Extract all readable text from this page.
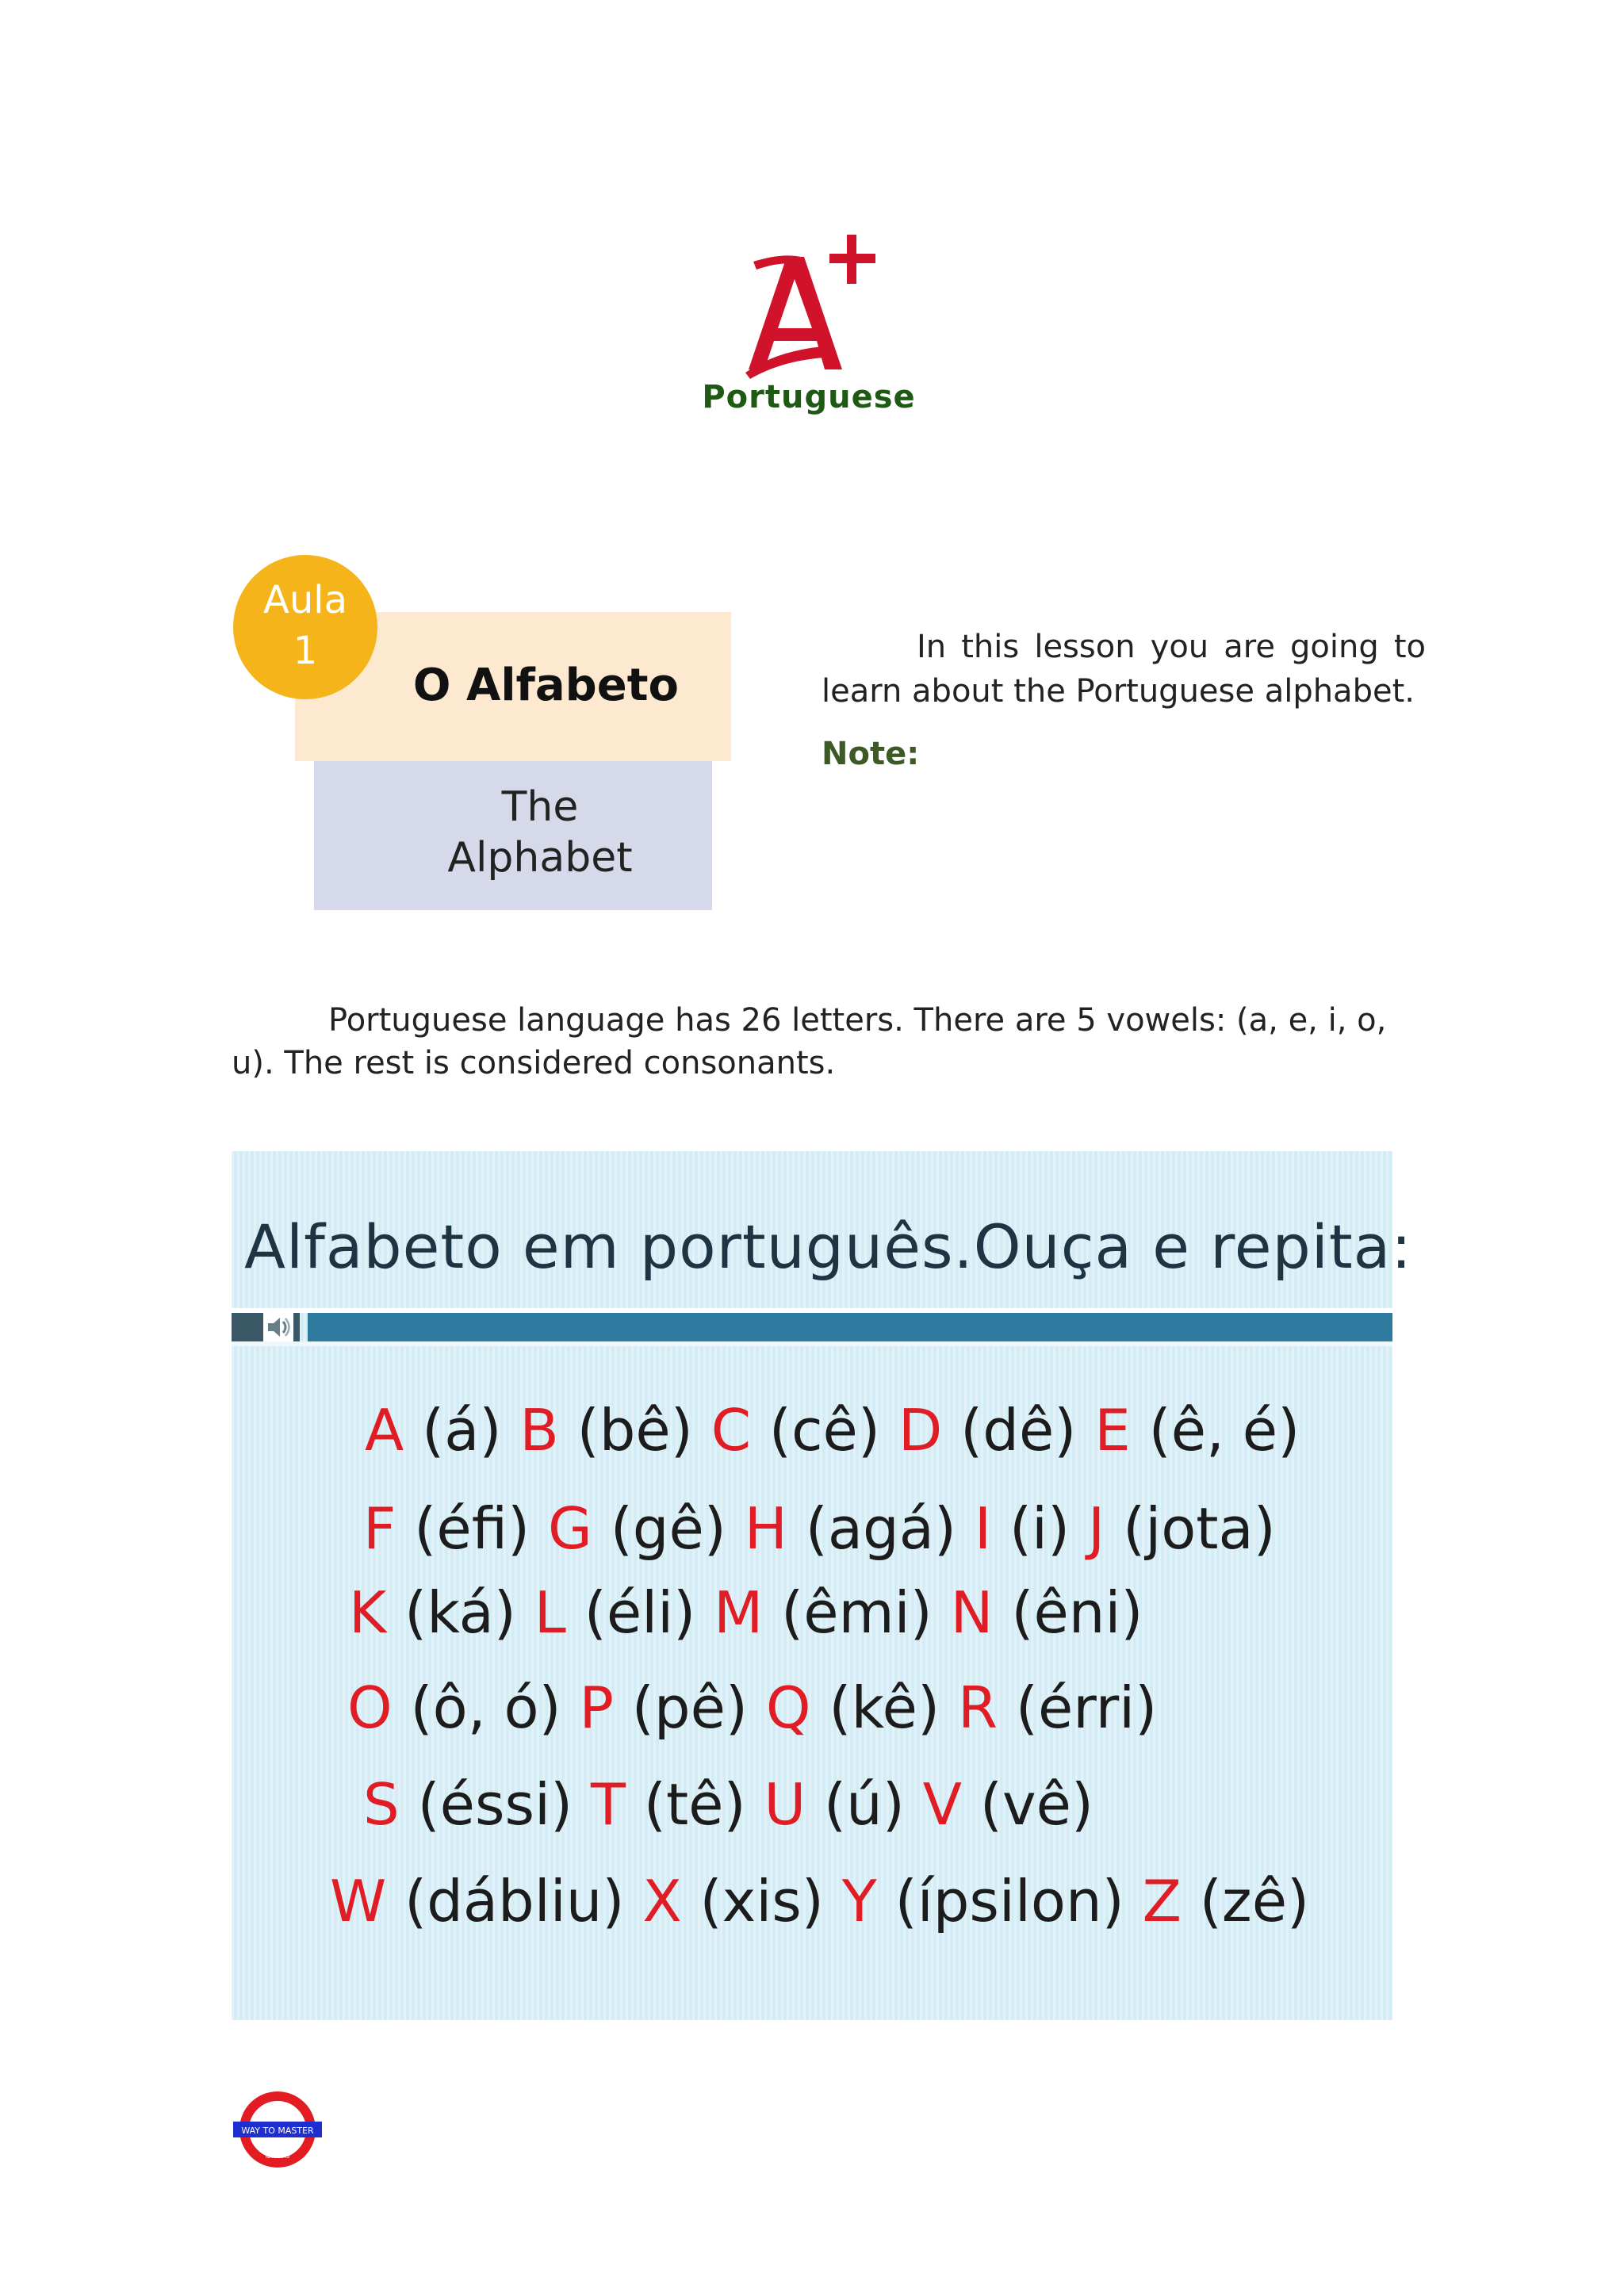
Portuguese
O Alfabeto
The
Alphabet
Aula
1	In this lesson you are going to learn about the Portuguese alphabet.

Note:

Portuguese language has 26 letters. There are 5 vowels: (a, e, i, o, u). The rest is considered consonants.

Alfabeto em português.Ouça e repita:
A (á) B (bê) C (cê) D (dê) E (ê, é)
F (éfi) G (gê) H (agá) I (i) J (jota)
K (ká) L (éli) M (êmi) N (êni)
O (ô, ó) P (pê) Q (kê) R (érri)
S (éssi) T (tê) U (ú) V (vê)
W (dábliu) X (xis) Y (ípsilon) Z (zê)
WAY TO MASTER
IDIOMAS
